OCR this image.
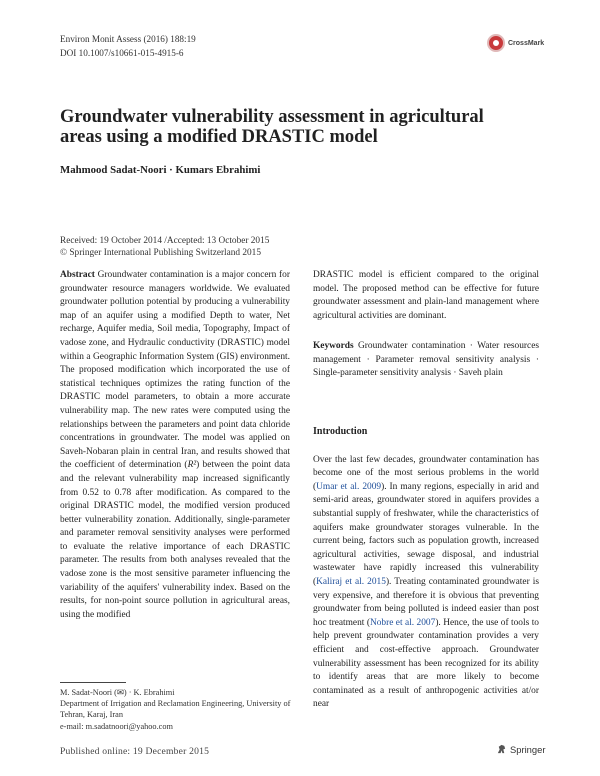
Environ Monit Assess (2016) 188:19
DOI 10.1007/s10661-015-4915-6
CrossMark
Groundwater vulnerability assessment in agricultural areas using a modified DRASTIC model
Mahmood Sadat-Noori · Kumars Ebrahimi
Received: 19 October 2014 /Accepted: 13 October 2015
© Springer International Publishing Switzerland 2015

Abstract Groundwater contamination is a major concern for groundwater resource managers worldwide. We evaluated groundwater pollution potential by producing a vulnerability map of an aquifer using a modified Depth to water, Net recharge, Aquifer media, Soil media, Topography, Impact of vadose zone, and Hydraulic conductivity (DRASTIC) model within a Geographic Information System (GIS) environment. The proposed modification which incorporated the use of statistical techniques optimizes the rating function of the DRASTIC model parameters, to obtain a more accurate vulnerability map. The new rates were computed using the relationships between the parameters and point data chloride concentrations in groundwater. The model was applied on Saveh-Nobaran plain in central Iran, and results showed that the coefficient of determination (R²) between the point data and the relevant vulnerability map increased significantly from 0.52 to 0.78 after modification. As compared to the original DRASTIC model, the modified version produced better vulnerability zonation. Additionally, single-parameter and parameter removal sensitivity analyses were performed to evaluate the relative importance of each DRASTIC parameter. The results from both analyses revealed that the vadose zone is the most sensitive parameter influencing the variability of the aquifers' vulnerability index. Based on the results, for non-point source pollution in agricultural areas, using the modified

DRASTIC model is efficient compared to the original model. The proposed method can be effective for future groundwater assessment and plain-land management where agricultural activities are dominant.

Keywords Groundwater contamination · Water resources management · Parameter removal sensitivity analysis · Single-parameter sensitivity analysis · Saveh plain

Introduction

Over the last few decades, groundwater contamination has become one of the most serious problems in the world (Umar et al. 2009). In many regions, especially in arid and semi-arid areas, groundwater stored in aquifers provides a substantial supply of freshwater, while the characteristics of aquifers make groundwater storages vulnerable. In the current being, factors such as population growth, increased agricultural activities, sewage disposal, and industrial wastewater have rapidly increased this vulnerability (Kaliraj et al. 2015). Treating contaminated groundwater is very expensive, and therefore it is obvious that preventing groundwater from being polluted is indeed easier than post hoc treatment (Nobre et al. 2007). Hence, the use of tools to help prevent groundwater contamination provides a very efficient and cost-effective approach. Groundwater vulnerability assessment has been recognized for its ability to identify areas that are more likely to become contaminated as a result of anthropogenic activities at/or near

M. Sadat-Noori (✉) · K. Ebrahimi
Department of Irrigation and Reclamation Engineering, University of Tehran, Karaj, Iran
e-mail: m.sadatnoori@yahoo.com
Published online: 19 December 2015	Springer
